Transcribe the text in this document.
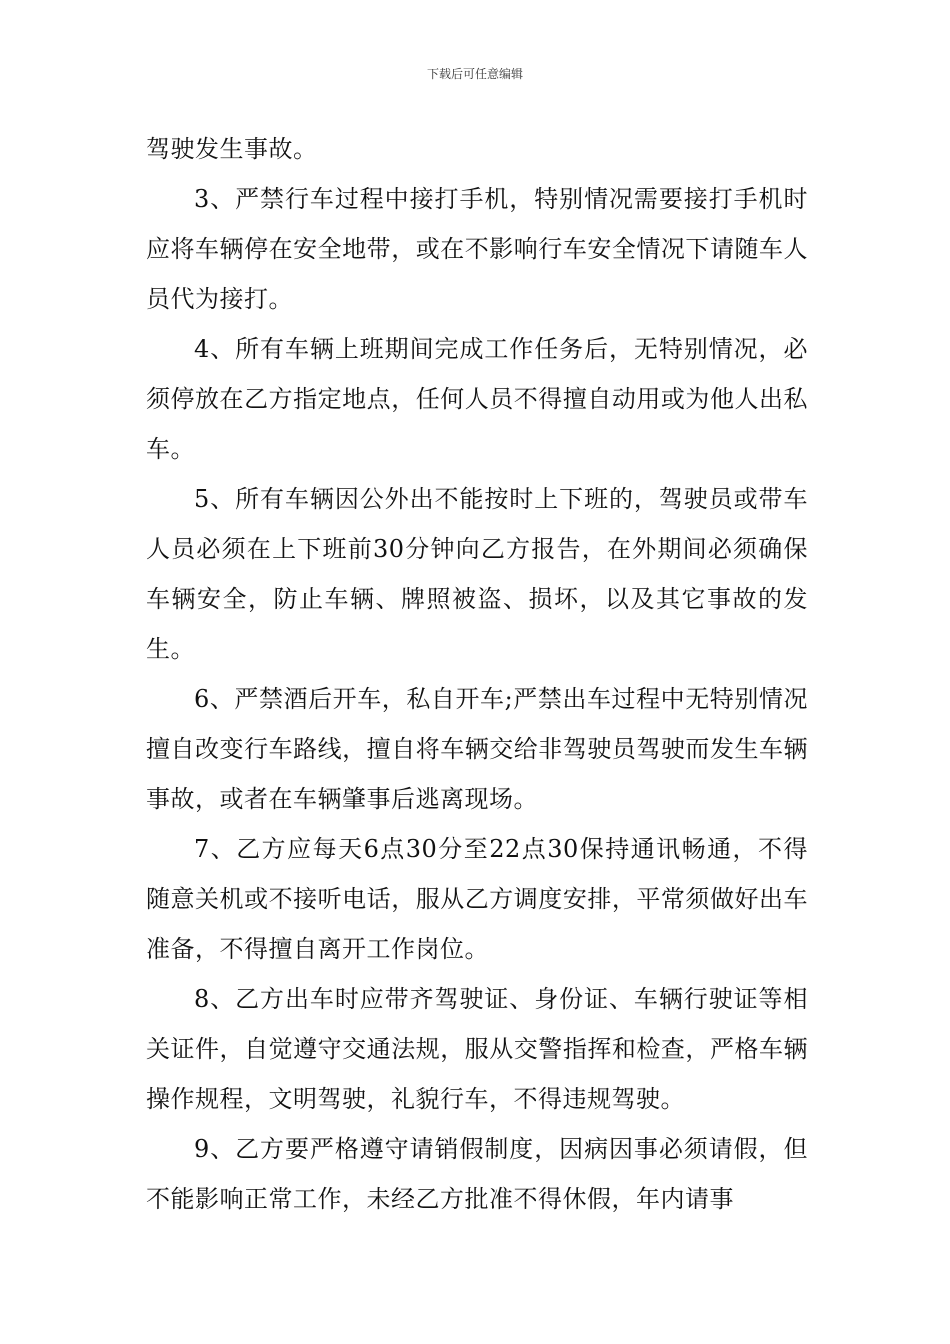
下载后可任意编辑

驾驶发生事故。

3、严禁行车过程中接打手机，特别情况需要接打手机时应将车辆停在安全地带，或在不影响行车安全情况下请随车人员代为接打。

4、所有车辆上班期间完成工作任务后，无特别情况，必须停放在乙方指定地点，任何人员不得擅自动用或为他人出私车。

5、所有车辆因公外出不能按时上下班的，驾驶员或带车人员必须在上下班前30分钟向乙方报告，在外期间必须确保车辆安全，防止车辆、牌照被盗、损坏，以及其它事故的发生。

6、严禁酒后开车，私自开车;严禁出车过程中无特别情况擅自改变行车路线，擅自将车辆交给非驾驶员驾驶而发生车辆事故，或者在车辆肇事后逃离现场。

7、乙方应每天6点30分至22点30保持通讯畅通，不得随意关机或不接听电话，服从乙方调度安排，平常须做好出车准备，不得擅自离开工作岗位。

8、乙方出车时应带齐驾驶证、身份证、车辆行驶证等相关证件，自觉遵守交通法规，服从交警指挥和检查，严格车辆操作规程，文明驾驶，礼貌行车，不得违规驾驶。

9、乙方要严格遵守请销假制度，因病因事必须请假，但不能影响正常工作，未经乙方批准不得休假，年内请事
